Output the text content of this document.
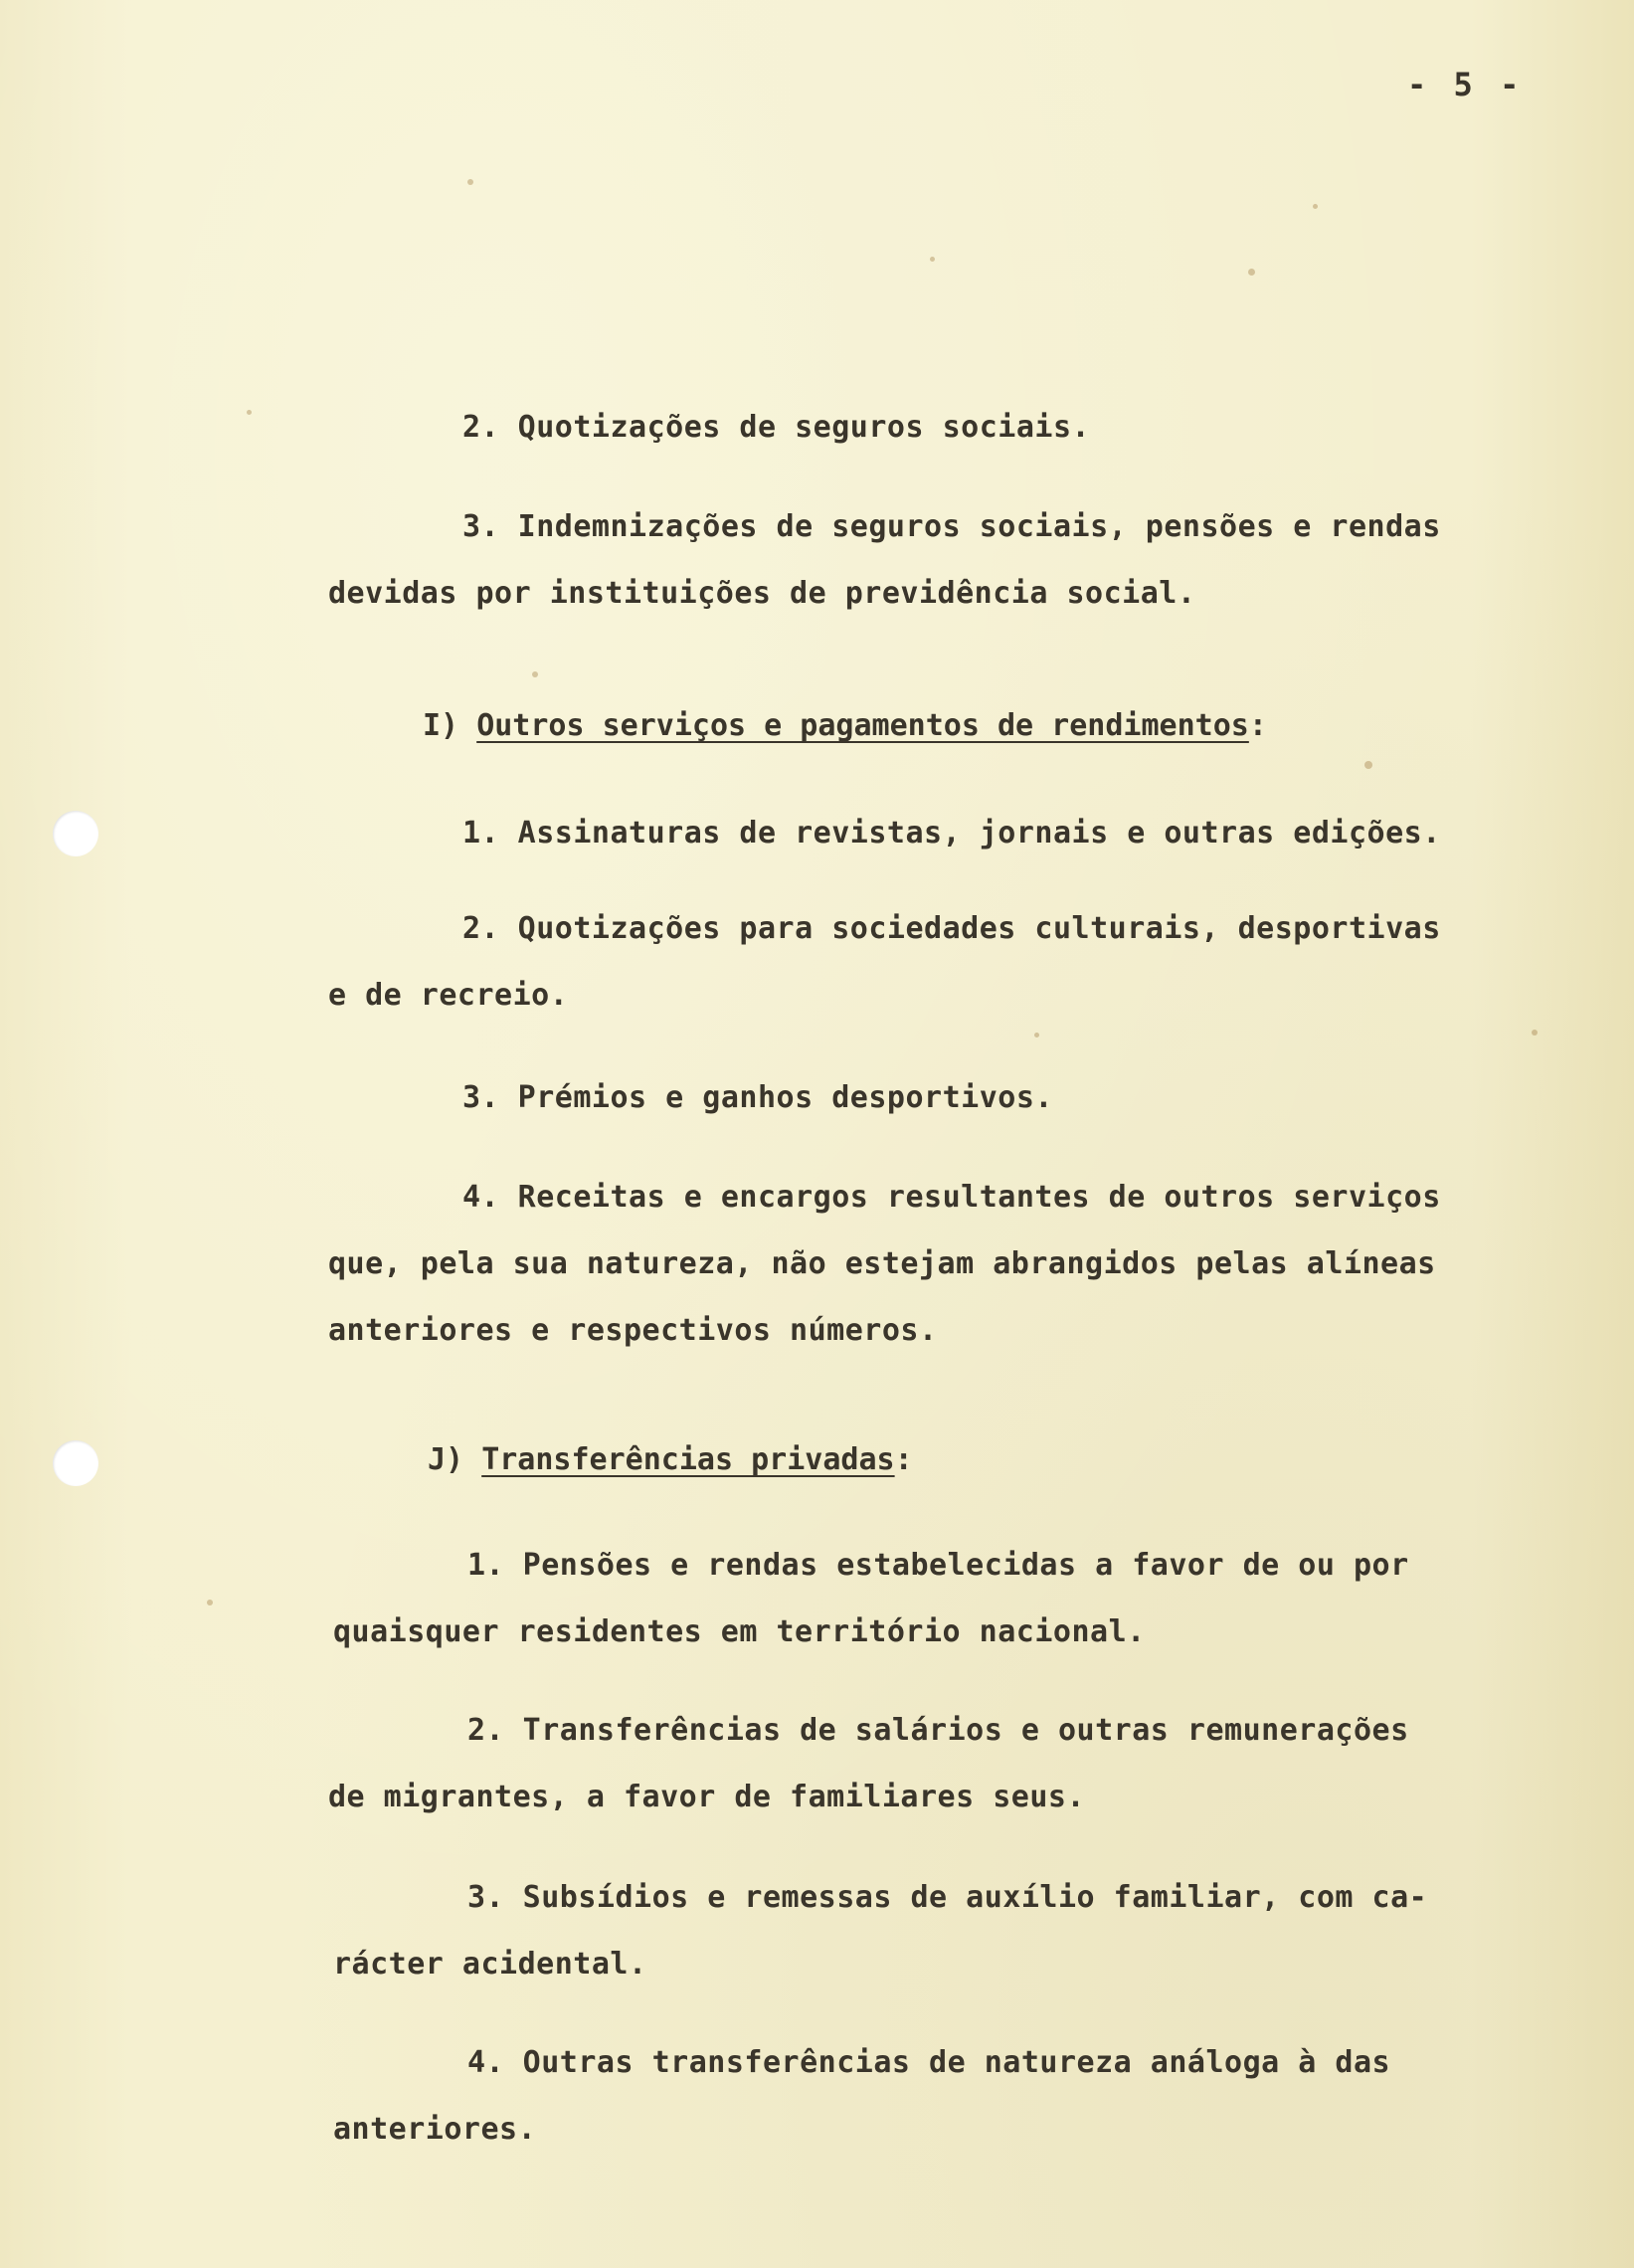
- 5 -

2. Quotizações de seguros sociais.

3. Indemnizações de seguros sociais, pensões e rendas
devidas por instituições de previdência social.

I) Outros serviços e pagamentos de rendimentos:

1. Assinaturas de revistas, jornais e outras edições.

2. Quotizações para sociedades culturais, desportivas
e de recreio.

3. Prémios e ganhos desportivos.

4. Receitas e encargos resultantes de outros serviços
que, pela sua natureza, não estejam abrangidos pelas alíneas
anteriores e respectivos números.

J) Transferências privadas:

1. Pensões e rendas estabelecidas a favor de ou por
quaisquer residentes em território nacional.

2. Transferências de salários e outras remunerações
de migrantes, a favor de familiares seus.

3. Subsídios e remessas de auxílio familiar, com ca-
rácter acidental.

4. Outras transferências de natureza análoga à das
anteriores.
